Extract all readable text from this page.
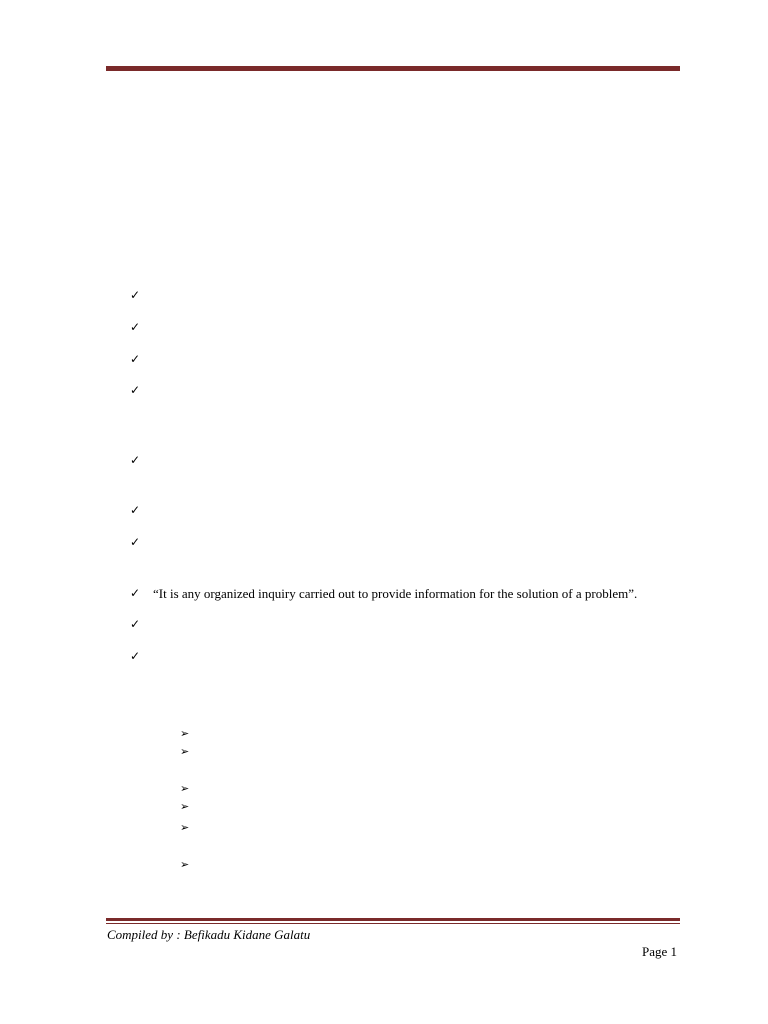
✓
✓
✓
✓
✓
✓
✓
✓
✓
✓
“It is any organized inquiry carried out to provide information for the solution of a problem”.
➢
➢
➢
➢
➢
➢
Compiled by : Befikadu Kidane Galatu
Page 1
